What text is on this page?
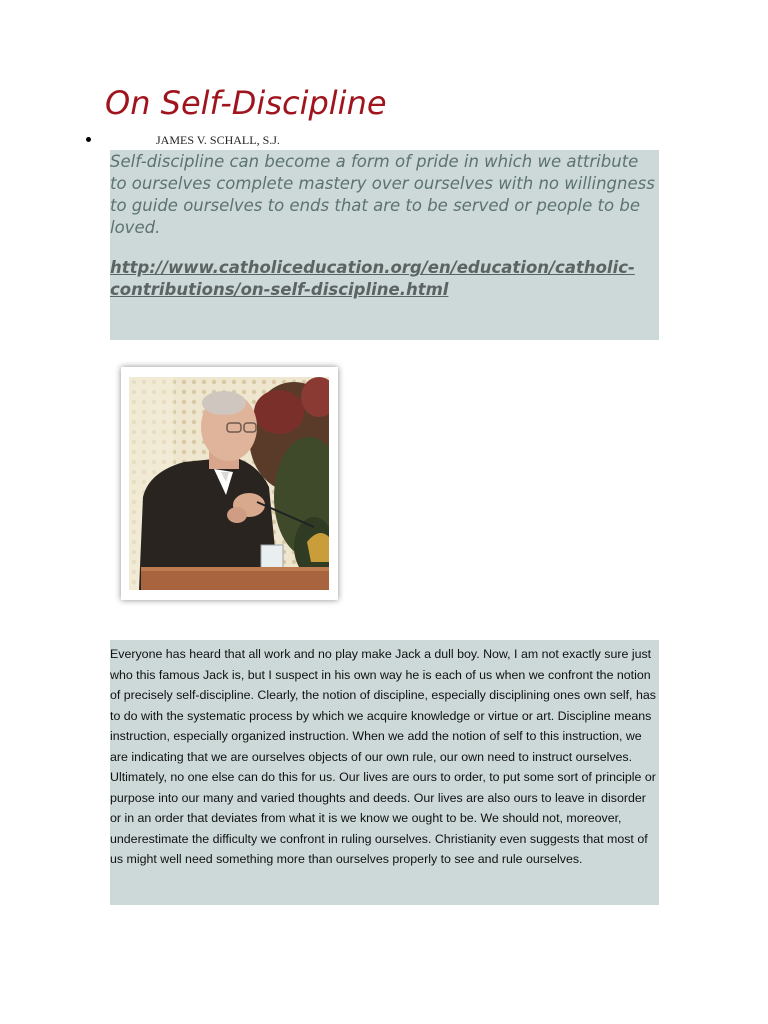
On Self-Discipline
JAMES V. SCHALL, S.J.

Self-discipline can become a form of pride in which we attribute to ourselves complete mastery over ourselves with no willingness to guide ourselves to ends that are to be served or people to be loved.

http://www.catholiceducation.org/en/education/catholic-contributions/on-self-discipline.html

Everyone has heard that all work and no play make Jack a dull boy. Now, I am not exactly sure just who this famous Jack is, but I suspect in his own way he is each of us when we confront the notion of precisely self-discipline. Clearly, the notion of discipline, especially disciplining ones own self, has to do with the systematic process by which we acquire knowledge or virtue or art. Discipline means instruction, especially organized instruction. When we add the notion of self to this instruction, we are indicating that we are ourselves objects of our own rule, our own need to instruct ourselves. Ultimately, no one else can do this for us. Our lives are ours to order, to put some sort of principle or purpose into our many and varied thoughts and deeds. Our lives are also ours to leave in disorder or in an order that deviates from what it is we know we ought to be. We should not, moreover, underestimate the difficulty we confront in ruling ourselves. Christianity even suggests that most of us might well need something more than ourselves properly to see and rule ourselves.
